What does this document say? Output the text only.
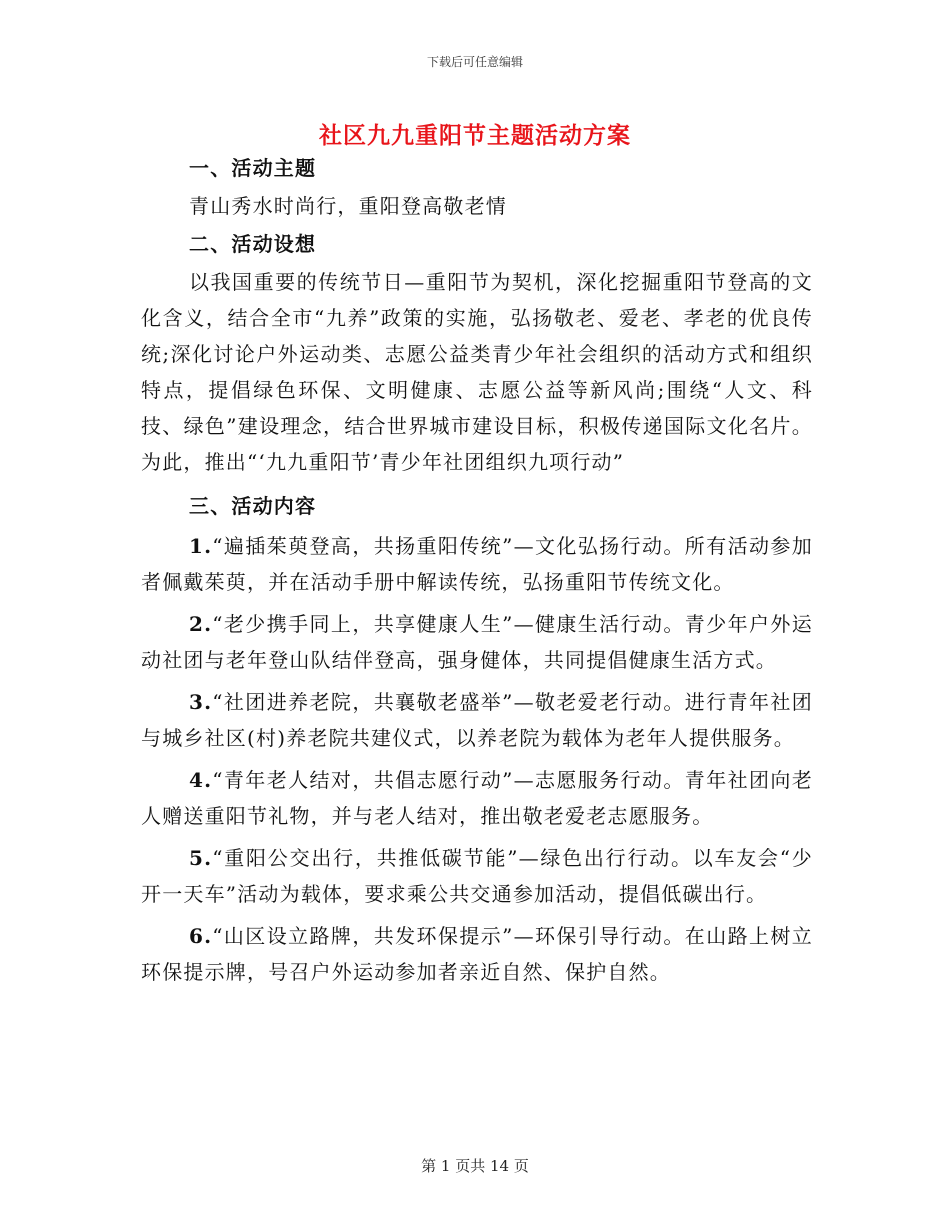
下载后可任意编辑
社区九九重阳节主题活动方案

一、活动主题

青山秀水时尚行，重阳登高敬老情

二、活动设想

以我国重要的传统节日—重阳节为契机，深化挖掘重阳节登高的文化含义，结合全市“九养”政策的实施，弘扬敬老、爱老、孝老的优良传统;深化讨论户外运动类、志愿公益类青少年社会组织的活动方式和组织特点，提倡绿色环保、文明健康、志愿公益等新风尚;围绕“人文、科技、绿色”建设理念，结合世界城市建设目标，积极传递国际文化名片。为此，推出“‘九九重阳节’青少年社团组织九项行动”

三、活动内容

1.“遍插茱萸登高，共扬重阳传统”—文化弘扬行动。所有活动参加者佩戴茱萸，并在活动手册中解读传统，弘扬重阳节传统文化。

2.“老少携手同上，共享健康人生”—健康生活行动。青少年户外运动社团与老年登山队结伴登高，强身健体，共同提倡健康生活方式。

3.“社团进养老院，共襄敬老盛举”—敬老爱老行动。进行青年社团与城乡社区(村)养老院共建仪式，以养老院为载体为老年人提供服务。

4.“青年老人结对，共倡志愿行动”—志愿服务行动。青年社团向老人赠送重阳节礼物，并与老人结对，推出敬老爱老志愿服务。

5.“重阳公交出行，共推低碳节能”—绿色出行行动。以车友会“少开一天车”活动为载体，要求乘公共交通参加活动，提倡低碳出行。

6.“山区设立路牌，共发环保提示”—环保引导行动。在山路上树立环保提示牌，号召户外运动参加者亲近自然、保护自然。

第 1 页共 14 页
